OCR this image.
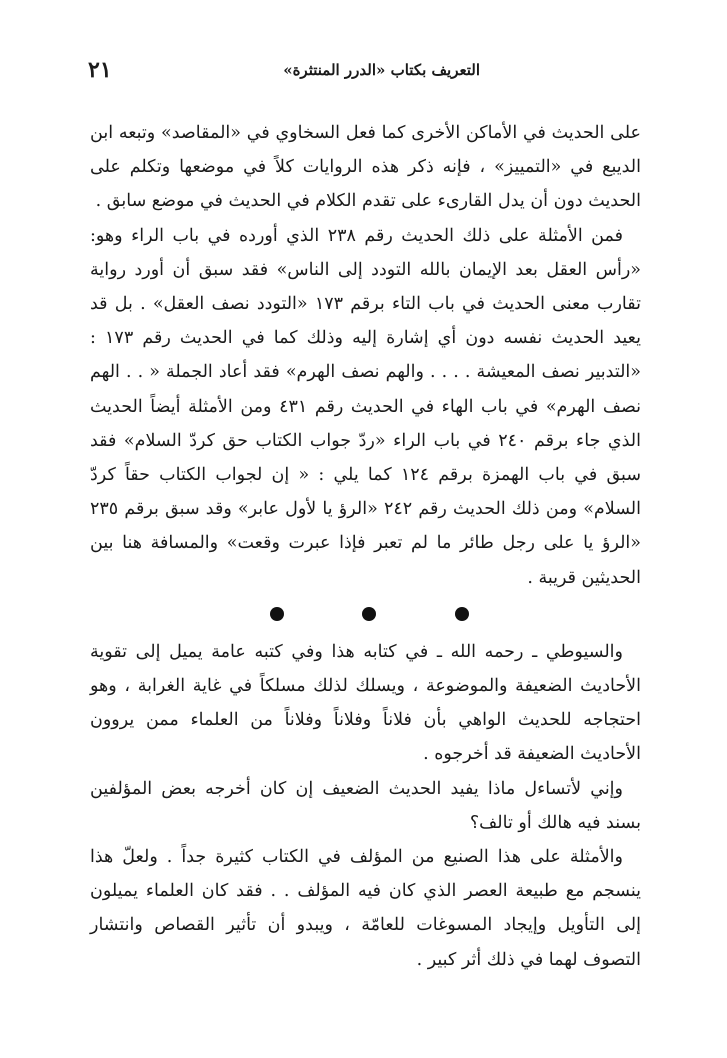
التعريف بكتاب «الدرر المنتثرة»
٢١

على الحديث في الأماكن الأخرى كما فعل السخاوي في «المقاصد» وتبعه ابن الديبع في «التمييز» ، فإنه ذكر هذه الروايات كلاً في موضعها وتكلم على الحديث دون أن يدل القارىء على تقدم الكلام في الحديث في موضع سابق .

فمن الأمثلة على ذلك الحديث رقم ٢٣٨ الذي أورده في باب الراء وهو: «رأس العقل بعد الإيمان بالله التودد إلى الناس» فقد سبق أن أورد رواية تقارب معنى الحديث في باب التاء برقم ١٧٣ «التودد نصف العقل» . بل قد يعيد الحديث نفسه دون أي إشارة إليه وذلك كما في الحديث رقم ١٧٣ : «التدبير نصف المعيشة . . . . والهم نصف الهرم» فقد أعاد الجملة « . . الهم نصف الهرم» في باب الهاء في الحديث رقم ٤٣١ ومن الأمثلة أيضاً الحديث الذي جاء برقم ٢٤٠ في باب الراء «ردّ جواب الكتاب حق كردّ السلام» فقد سبق في باب الهمزة برقم ١٢٤ كما يلي : « إن لجواب الكتاب حقاً كردّ السلام» ومن ذلك الحديث رقم ٢٤٢ «الرؤ يا لأول عابر» وقد سبق برقم ٢٣٥ «الرؤ يا على رجل طائر ما لم تعبر فإذا عبرت وقعت» والمسافة هنا بين الحديثين قريبة .

والسيوطي ـ رحمه الله ـ في كتابه هذا وفي كتبه عامة يميل إلى تقوية الأحاديث الضعيفة والموضوعة ، ويسلك لذلك مسلكاً في غاية الغرابة ، وهو احتجاجه للحديث الواهي بأن فلاناً وفلاناً وفلاناً من العلماء ممن يروون الأحاديث الضعيفة قد أخرجوه .

وإني لأتساءل ماذا يفيد الحديث الضعيف إن كان أخرجه بعض المؤلفين بسند فيه هالك أو تالف؟

والأمثلة على هذا الصنيع من المؤلف في الكتاب كثيرة جداً . ولعلّ هذا ينسجم مع طبيعة العصر الذي كان فيه المؤلف . . فقد كان العلماء يميلون إلى التأويل وإيجاد المسوغات للعامّة ، ويبدو أن تأثير القصاص وانتشار التصوف لهما في ذلك أثر كبير .
